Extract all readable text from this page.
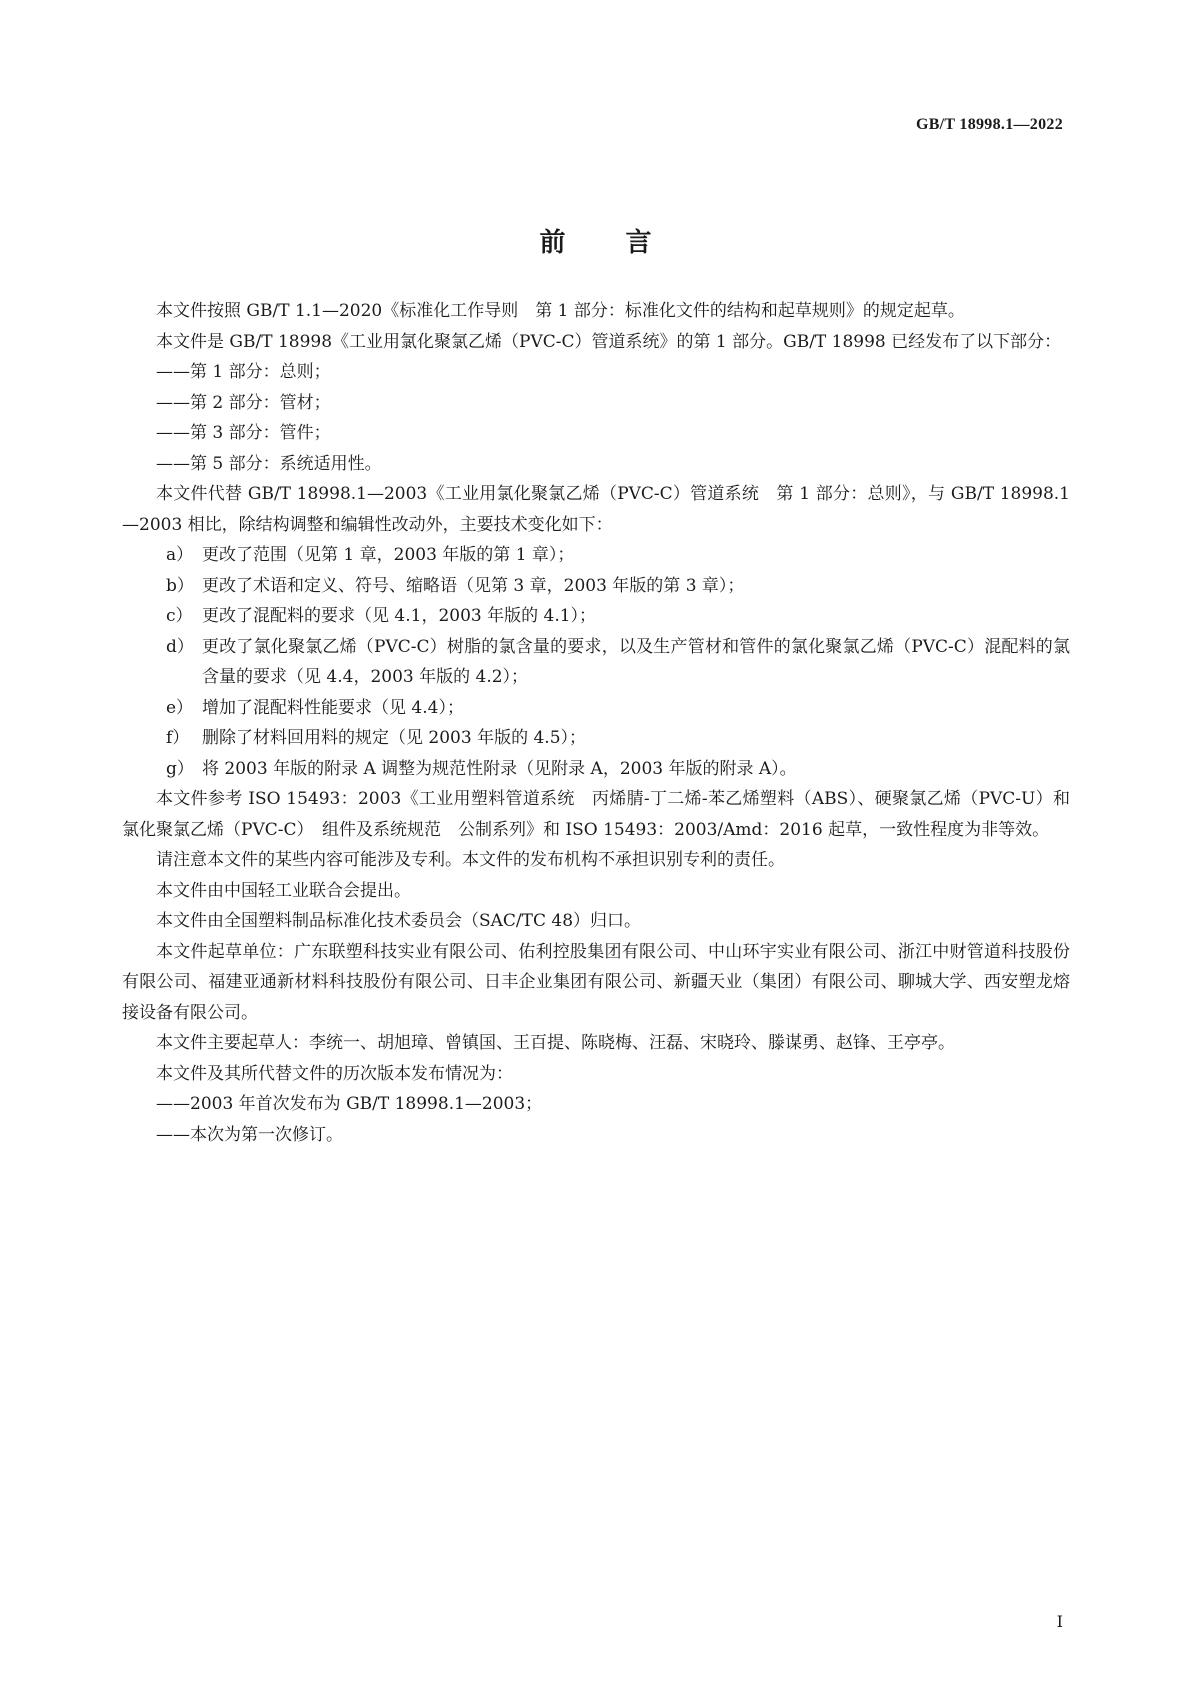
GB/T 18998.1—2022
前言

本文件按照 GB/T 1.1—2020《标准化工作导则　第 1 部分：标准化文件的结构和起草规则》的规定起草。

本文件是 GB/T 18998《工业用氯化聚氯乙烯（PVC-C）管道系统》的第 1 部分。GB/T 18998 已经发布了以下部分：

——第 1 部分：总则；

——第 2 部分：管材；

——第 3 部分：管件；

——第 5 部分：系统适用性。

本文件代替 GB/T 18998.1—2003《工业用氯化聚氯乙烯（PVC-C）管道系统　第 1 部分：总则》，与 GB/T 18998.1—2003 相比，除结构调整和编辑性改动外，主要技术变化如下：

a） 更改了范围（见第 1 章，2003 年版的第 1 章）；

b） 更改了术语和定义、符号、缩略语（见第 3 章，2003 年版的第 3 章）；

c） 更改了混配料的要求（见 4.1，2003 年版的 4.1）；

d） 更改了氯化聚氯乙烯（PVC-C）树脂的氯含量的要求，以及生产管材和管件的氯化聚氯乙烯（PVC-C）混配料的氯含量的要求（见 4.4，2003 年版的 4.2）；

e） 增加了混配料性能要求（见 4.4）；

f） 删除了材料回用料的规定（见 2003 年版的 4.5）；

g） 将 2003 年版的附录 A 调整为规范性附录（见附录 A，2003 年版的附录 A）。

本文件参考 ISO 15493：2003《工业用塑料管道系统　丙烯腈-丁二烯-苯乙烯塑料（ABS）、硬聚氯乙烯（PVC-U）和氯化聚氯乙烯（PVC-C）　组件及系统规范　公制系列》和 ISO 15493：2003/Amd：2016 起草，一致性程度为非等效。

请注意本文件的某些内容可能涉及专利。本文件的发布机构不承担识别专利的责任。

本文件由中国轻工业联合会提出。

本文件由全国塑料制品标准化技术委员会（SAC/TC 48）归口。

本文件起草单位：广东联塑科技实业有限公司、佑利控股集团有限公司、中山环宇实业有限公司、浙江中财管道科技股份有限公司、福建亚通新材料科技股份有限公司、日丰企业集团有限公司、新疆天业（集团）有限公司、聊城大学、西安塑龙熔接设备有限公司。

本文件主要起草人：李统一、胡旭璋、曾镇国、王百提、陈晓梅、汪磊、宋晓玲、滕谋勇、赵锋、王亭亭。

本文件及其所代替文件的历次版本发布情况为：

——2003 年首次发布为 GB/T 18998.1—2003；

——本次为第一次修订。

I
